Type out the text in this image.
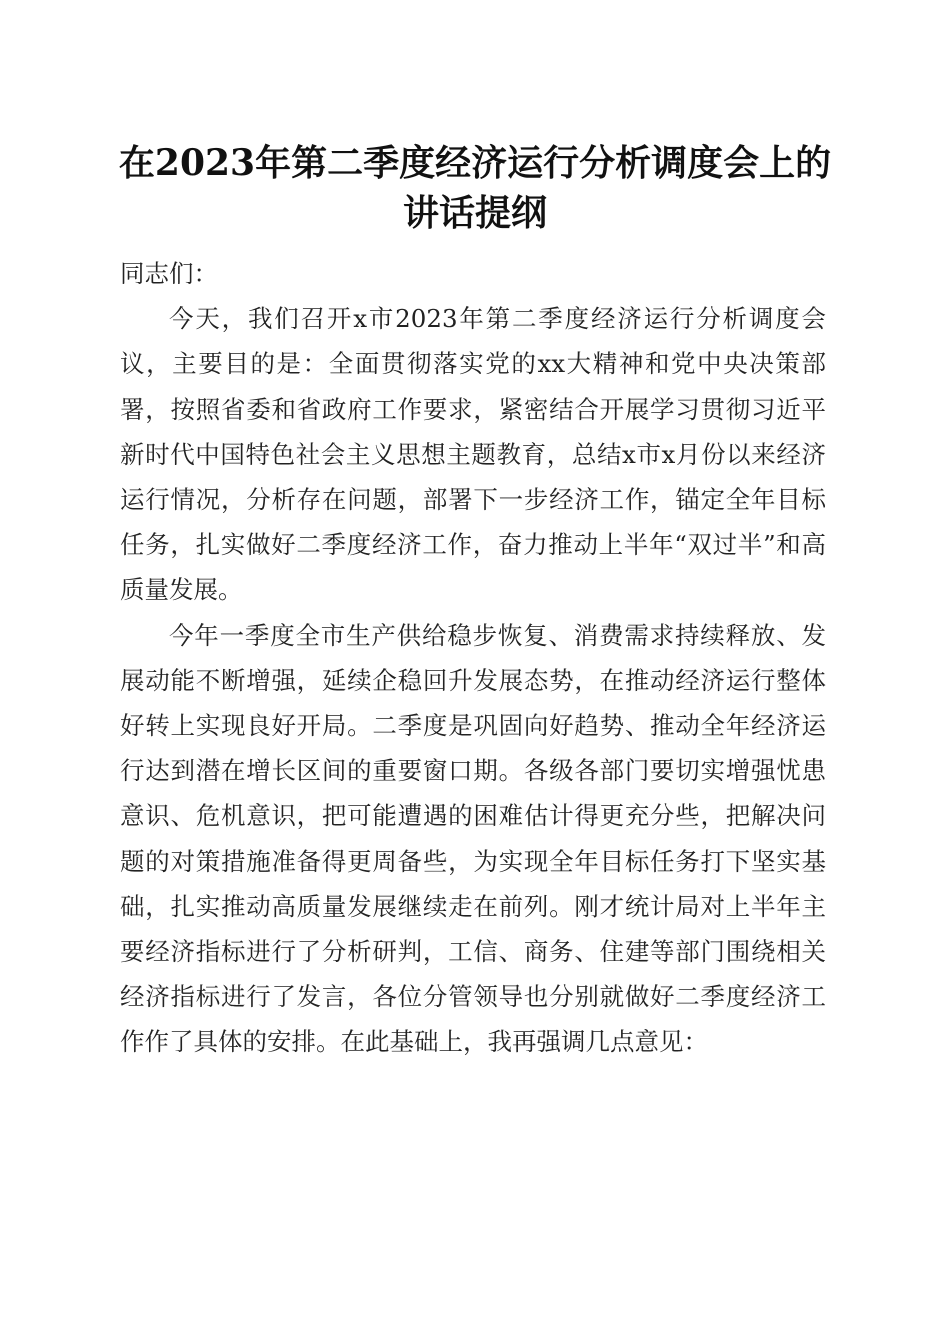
在2023年第二季度经济运行分析调度会上的
讲话提纲

同志们：

今天，我们召开x市2023年第二季度经济运行分析调度会议，主要目的是：全面贯彻落实党的xx大精神和党中央决策部署，按照省委和省政府工作要求，紧密结合开展学习贯彻习近平新时代中国特色社会主义思想主题教育，总结x市x月份以来经济运行情况，分析存在问题，部署下一步经济工作，锚定全年目标任务，扎实做好二季度经济工作，奋力推动上半年“双过半”和高质量发展。

今年一季度全市生产供给稳步恢复、消费需求持续释放、发展动能不断增强，延续企稳回升发展态势，在推动经济运行整体好转上实现良好开局。二季度是巩固向好趋势、推动全年经济运行达到潜在增长区间的重要窗口期。各级各部门要切实增强忧患意识、危机意识，把可能遭遇的困难估计得更充分些，把解决问题的对策措施准备得更周备些，为实现全年目标任务打下坚实基础，扎实推动高质量发展继续走在前列。刚才统计局对上半年主要经济指标进行了分析研判，工信、商务、住建等部门围绕相关经济指标进行了发言，各位分管领导也分别就做好二季度经济工作作了具体的安排。在此基础上，我再强调几点意见：
